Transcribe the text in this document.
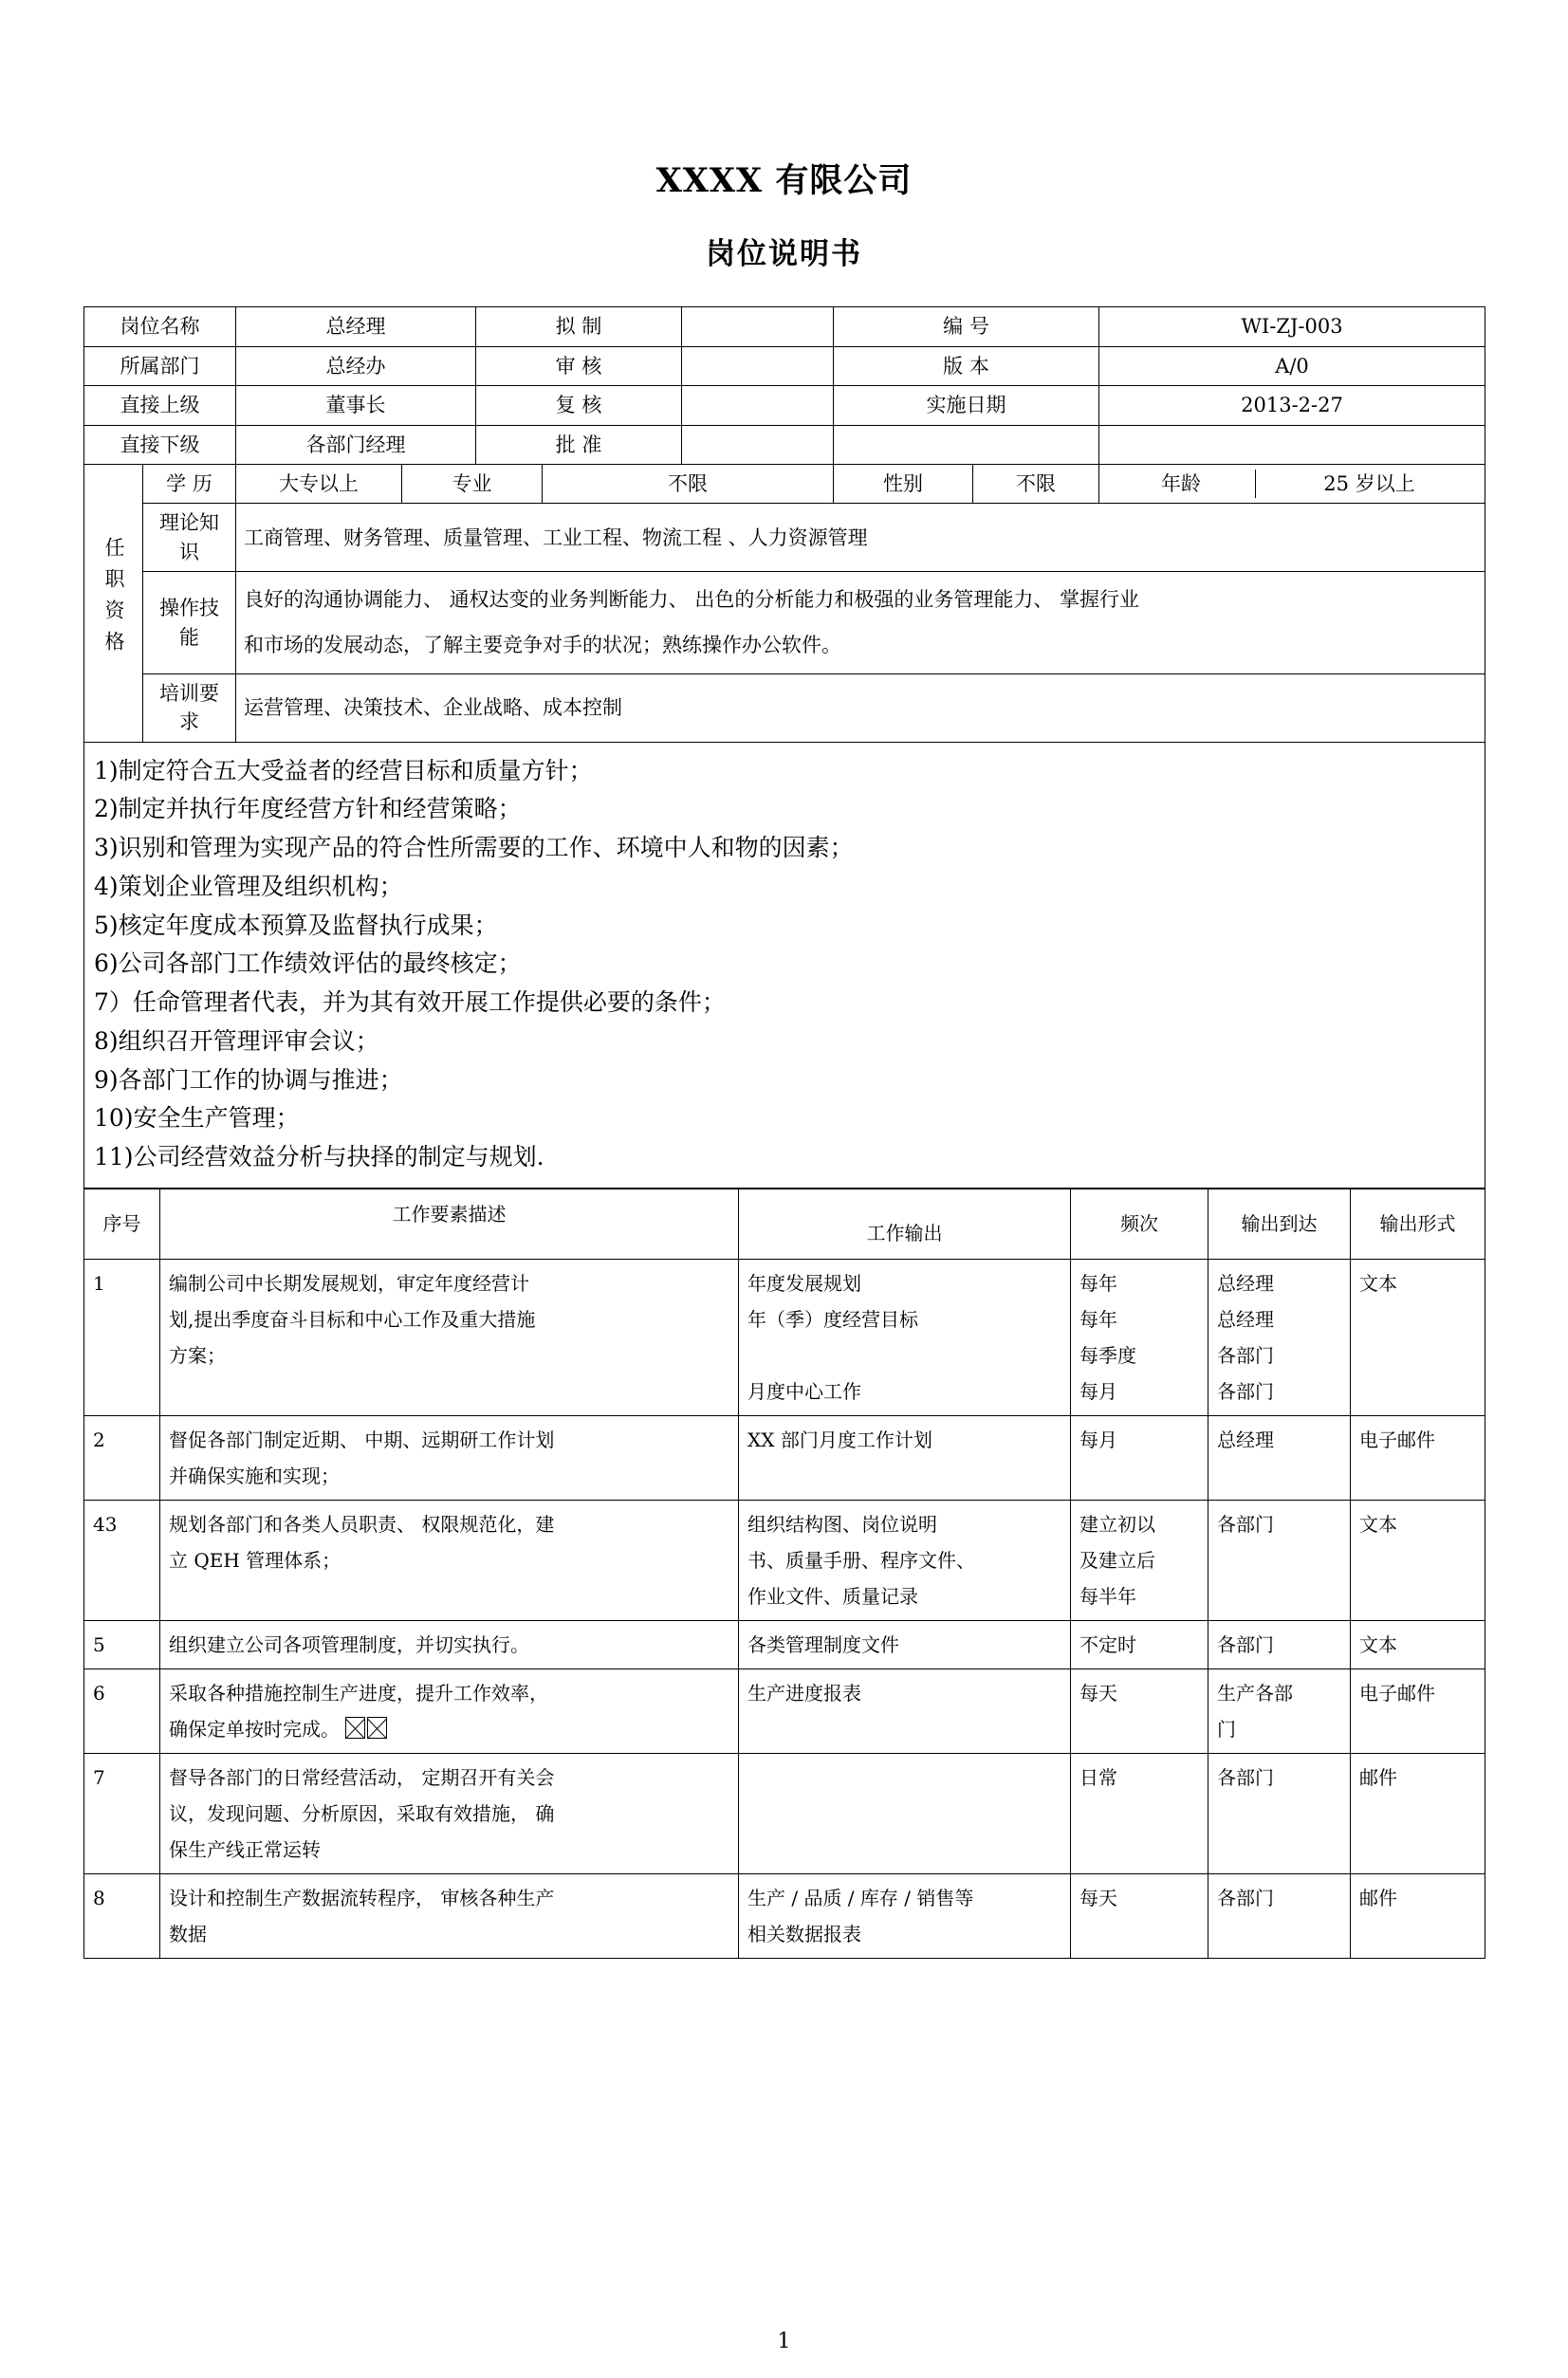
XXXX 有限公司
岗位说明书
岗位名称	总经理	拟 制		编 号	WI-ZJ-003
所属部门	总经办	审 核		版 本	A/0
直接上级	董事长	复 核		实施日期	2013-2-27
直接下级	各部门经理	批 准			
任职资格	学 历	大专以上	专业	不限	性别	不限		年龄	25 岁以上

理论知识	工商管理、财务管理、质量管理、工业工程、物流工程 、人力资源管理
操作技能	
良好的沟通协调能力、 通权达变的业务判断能力、 出色的分析能力和极强的业务管理能力、 掌握行业
和市场的发展动态，了解主要竞争对手的状况；熟练操作办公软件。

培训要求	运营管理、决策技术、企业战略、成本控制

1)制定符合五大受益者的经营目标和质量方针；
2)制定并执行年度经营方针和经营策略；
3)识别和管理为实现产品的符合性所需要的工作、环境中人和物的因素；
4)策划企业管理及组织机构；
5)核定年度成本预算及监督执行成果；
6)公司各部门工作绩效评估的最终核定；
7）任命管理者代表，并为其有效开展工作提供必要的条件；
8)组织召开管理评审会议；
9)各部门工作的协调与推进；
10)安全生产管理；
11)公司经营效益分析与抉择的制定与规划.
序号	工作要素描述	工作输出	频次	输出到达	输出形式
1	编制公司中长期发展规划，审定年度经营计
划,提出季度奋斗目标和中心工作及重大措施
方案；	年度发展规划
年（季）度经营目标
月度中心工作	每年
每年
每季度
每月	总经理
总经理
各部门
各部门	文本

2	督促各部门制定近期、 中期、远期研工作计划
并确保实施和实现；	XX 部门月度工作计划	每月	总经理	电子邮件

43	规划各部门和各类人员职责、 权限规范化，建
立 QEH 管理体系；	组织结构图、岗位说明
书、质量手册、程序文件、
作业文件、质量记录	建立初以
及建立后
每半年	各部门	文本

5	组织建立公司各项管理制度，并切实执行。	各类管理制度文件	不定时	各部门	文本

6	采取各种措施控制生产进度，提升工作效率，
确保定单按时完成。	生产进度报表	每天	生产各部
门	电子邮件

7	督导各部门的日常经营活动， 定期召开有关会
议，发现问题、分析原因，采取有效措施， 确
保生产线正常运转		日常	各部门	邮件

8	设计和控制生产数据流转程序， 审核各种生产
数据	生产 / 品质 / 库存 / 销售等
相关数据报表	每天	各部门	邮件
1
